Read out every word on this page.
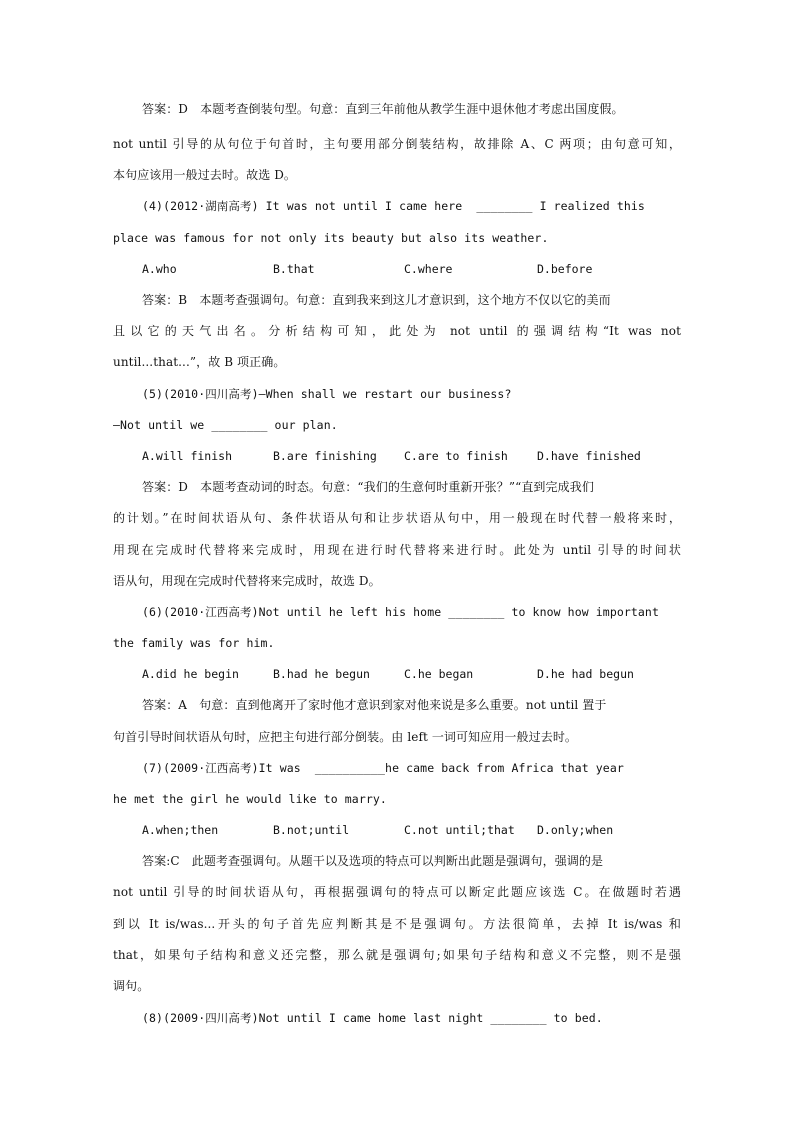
答案：D　本题考查倒装句型。句意：直到三年前他从教学生涯中退休他才考虑出国度假。
not until 引导的从句位于句首时，主句要用部分倒装结构，故排除 A、C 两项；由句意可知，
本句应该用一般过去时。故选 D。
(4)(2012·湖南高考) It was not until I came here  ________ I realized this
place was famous for not only its beauty but also its weather.
A.who	B.that	C.where	D.before
答案：B　本题考查强调句。句意：直到我来到这儿才意识到，这个地方不仅以它的美而
且以它的天气出名。分析结构可知，此处为 not until 的强调结构“It was not
until...that...”，故 B 项正确。
(5)(2010·四川高考)—When shall we restart our business?
—Not until we ________ our plan.
A.will finish	B.are finishing C.are to finish	D.have finished
答案：D　本题考查动词的时态。句意：“我们的生意何时重新开张？”“直到完成我们
的计划。”在时间状语从句、条件状语从句和让步状语从句中，用一般现在时代替一般将来时，
用现在完成时代替将来完成时，用现在进行时代替将来进行时。此处为 until 引导的时间状
语从句，用现在完成时代替将来完成时，故选 D。
(6)(2010·江西高考)Not until he left his home ________ to know how important
the family was for him.
A.did he begin	B.had he begun	C.he began	D.he had begun
答案：A　句意：直到他离开了家时他才意识到家对他来说是多么重要。not until 置于
句首引导时间状语从句时，应把主句进行部分倒装。由 left 一词可知应用一般过去时。
(7)(2009·江西高考)It was  __________he came back from Africa that year
he met the girl he would like to marry.
A.when;then	B.not;until	C.not until;that D.only;when
答案:C　此题考查强调句。从题干以及选项的特点可以判断出此题是强调句，强调的是
not until 引导的时间状语从句，再根据强调句的特点可以断定此题应该选 C。在做题时若遇
到以 It is/was...开头的句子首先应判断其是不是强调句。方法很简单，去掉 It is/was 和
that，如果句子结构和意义还完整，那么就是强调句;如果句子结构和意义不完整，则不是强
调句。
(8)(2009·四川高考)Not until I came home last night ________ to bed.
